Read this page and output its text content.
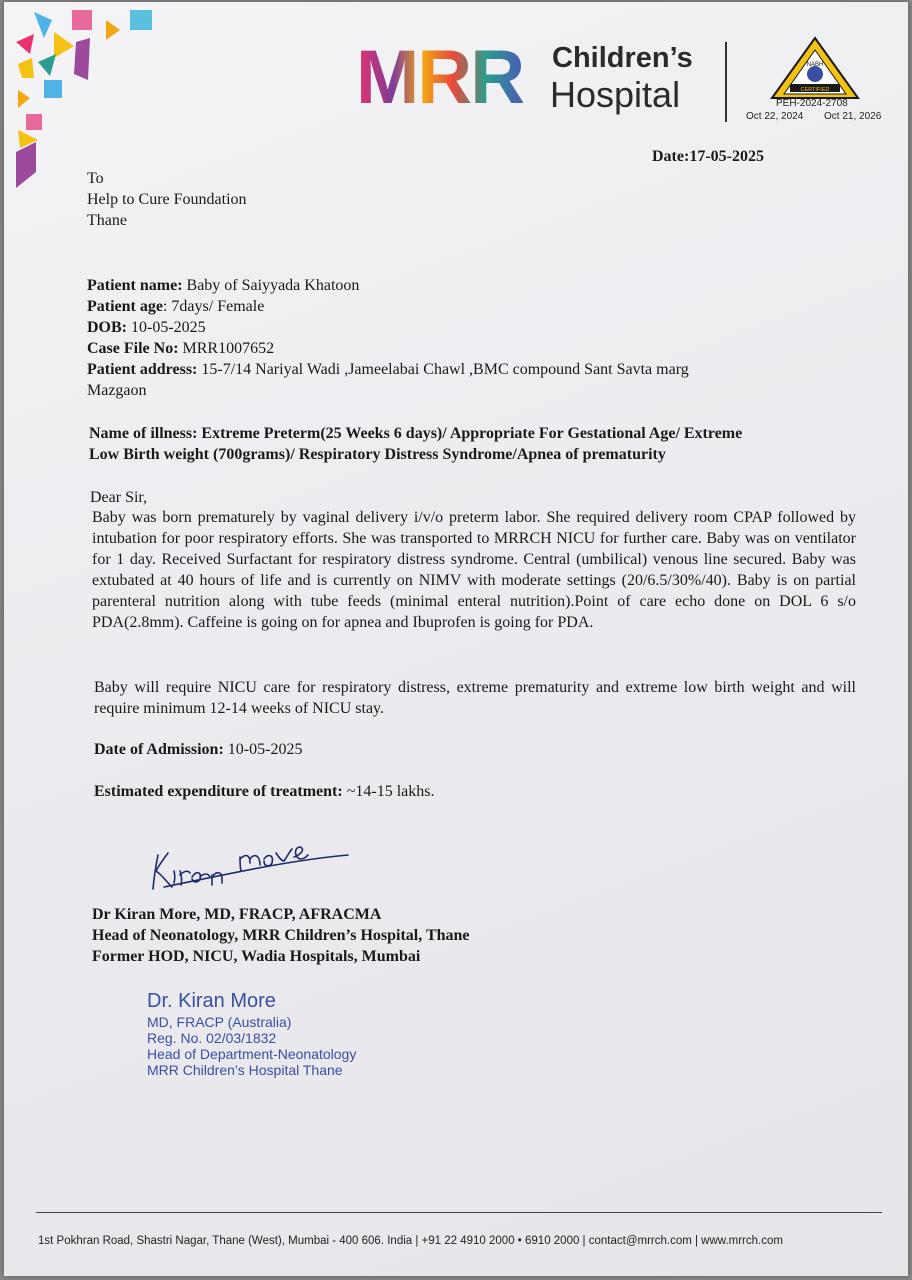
MRR Children’s
Hospital
NABH
CERTIFIED
PEH-2024-2708
Oct 22, 2024 Oct 21, 2026
Date:17-05-2025
To
Help to Cure Foundation
Thane
Patient name: Baby of Saiyyada Khatoon
Patient age: 7days/ Female
DOB: 10-05-2025
Case File No: MRR1007652
Patient address: 15-7/14 Nariyal Wadi ,Jameelabai Chawl ,BMC compound Sant Savta marg
Mazgaon
Name of illness: Extreme Preterm(25 Weeks 6 days)/ Appropriate For Gestational Age/ Extreme
Low Birth weight (700grams)/ Respiratory Distress Syndrome/Apnea of prematurity
Dear Sir,
Baby was born prematurely by vaginal delivery i/v/o preterm labor. She required delivery room CPAP followed by intubation for poor respiratory efforts. She was transported to MRRCH NICU for further care. Baby was on ventilator for 1 day. Received Surfactant for respiratory distress syndrome. Central (umbilical) venous line secured. Baby was extubated at 40 hours of life and is currently on NIMV with moderate settings (20/6.5/30%/40). Baby is on partial parenteral nutrition along with tube feeds (minimal enteral nutrition).Point of care echo done on DOL 6 s/o PDA(2.8mm). Caffeine is going on for apnea and Ibuprofen is going for PDA.
Baby will require NICU care for respiratory distress, extreme prematurity and extreme low birth weight and will require minimum 12-14 weeks of NICU stay.
Date of Admission: 10-05-2025
Estimated expenditure of treatment: ~14-15 lakhs.
Dr Kiran More, MD, FRACP, AFRACMA
Head of Neonatology, MRR Children’s Hospital, Thane
Former HOD, NICU, Wadia Hospitals, Mumbai
Dr. Kiran More
MD, FRACP (Australia)
Reg. No. 02/03/1832
Head of Department-Neonatology
MRR Children’s Hospital Thane
1st Pokhran Road, Shastri Nagar, Thane (West), Mumbai - 400 606. India | +91 22 4910 2000 • 6910 2000 | contact@mrrch.com | www.mrrch.com
